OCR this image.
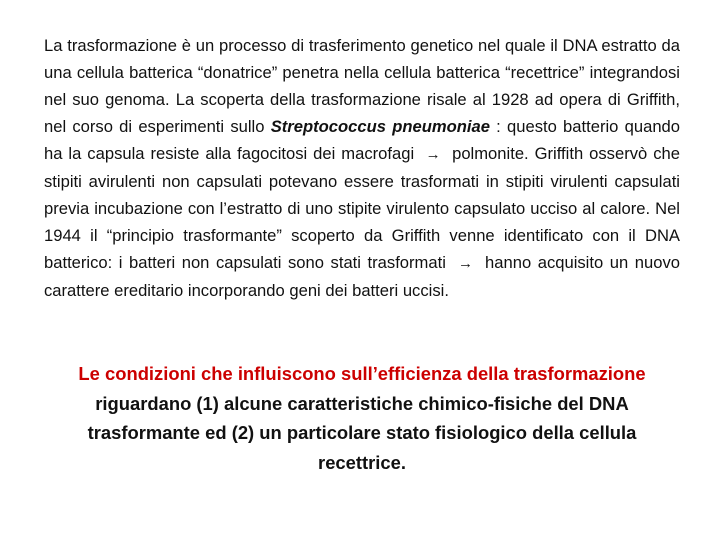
La trasformazione è un processo di trasferimento genetico nel quale il DNA estratto da una cellula batterica “donatrice” penetra nella cellula batterica “recettrice” integrandosi nel suo genoma. La scoperta della trasformazione risale al 1928 ad opera di Griffith, nel corso di esperimenti sullo Streptococcus pneumoniae : questo batterio quando ha la capsula resiste alla fagocitosi dei macrofagi → polmonite. Griffith osservò che stipiti avirulenti non capsulati potevano essere trasformati in stipiti virulenti capsulati previa incubazione con l’estratto di uno stipite virulento capsulato ucciso al calore. Nel 1944 il “principio trasformante” scoperto da Griffith venne identificato con il DNA batterico: i batteri non capsulati sono stati trasformati → hanno acquisito un nuovo carattere ereditario incorporando geni dei batteri uccisi.

Le condizioni che influiscono sull’efficienza della trasformazione riguardano (1) alcune caratteristiche chimico-fisiche del DNA trasformante ed (2) un particolare stato fisiologico della cellula recettrice.
